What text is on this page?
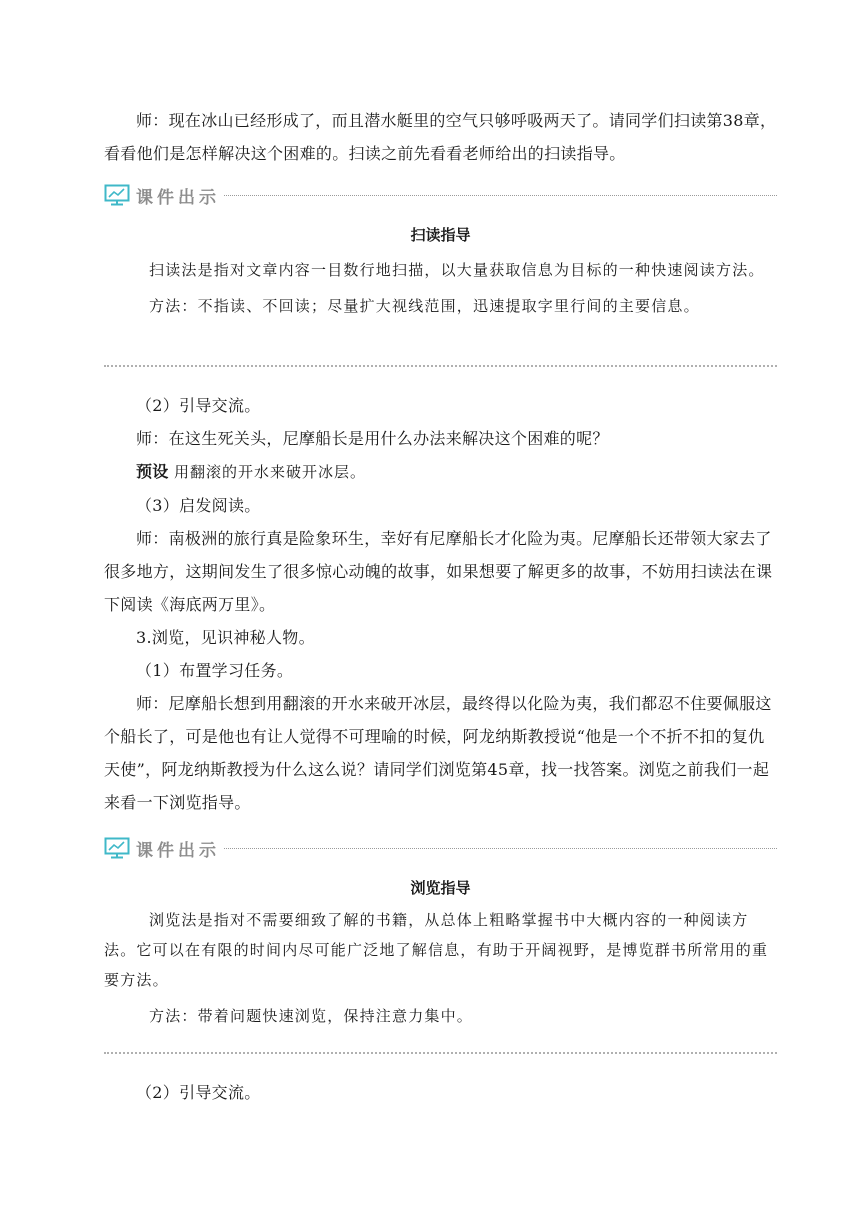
师：现在冰山已经形成了，而且潜水艇里的空气只够呼吸两天了。请同学们扫读第38章，看看他们是怎样解决这个困难的。扫读之前先看看老师给出的扫读指导。

课件出示
扫读指导

扫读法是指对文章内容一目数行地扫描，以大量获取信息为目标的一种快速阅读方法。

方法：不指读、不回读；尽量扩大视线范围，迅速提取字里行间的主要信息。

（2）引导交流。

师：在这生死关头，尼摩船长是用什么办法来解决这个困难的呢？

预设 用翻滚的开水来破开冰层。

（3）启发阅读。

师：南极洲的旅行真是险象环生，幸好有尼摩船长才化险为夷。尼摩船长还带领大家去了很多地方，这期间发生了很多惊心动魄的故事，如果想要了解更多的故事，不妨用扫读法在课下阅读《海底两万里》。

3.浏览，见识神秘人物。

（1）布置学习任务。

师：尼摩船长想到用翻滚的开水来破开冰层，最终得以化险为夷，我们都忍不住要佩服这个船长了，可是他也有让人觉得不可理喻的时候，阿龙纳斯教授说“他是一个不折不扣的复仇天使”，阿龙纳斯教授为什么这么说？请同学们浏览第45章，找一找答案。浏览之前我们一起来看一下浏览指导。

课件出示
浏览指导

浏览法是指对不需要细致了解的书籍，从总体上粗略掌握书中大概内容的一种阅读方法。它可以在有限的时间内尽可能广泛地了解信息，有助于开阔视野，是博览群书所常用的重要方法。

方法：带着问题快速浏览，保持注意力集中。

（2）引导交流。
